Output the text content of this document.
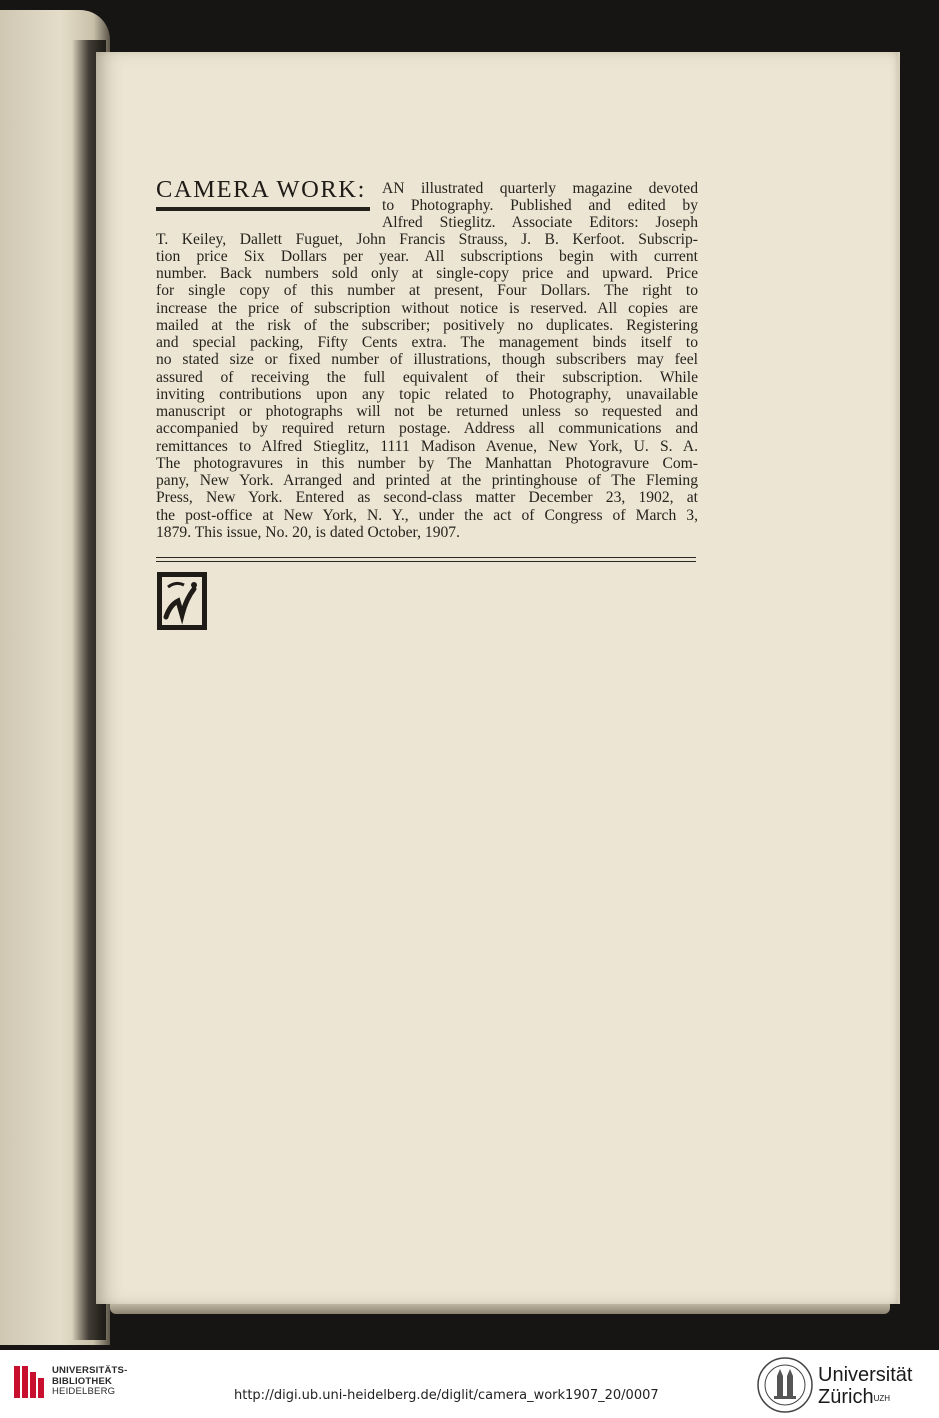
CAMERA WORK: AN illustrated quarterly magazine devoted
to Photography. Published and edited by
Alfred Stieglitz. Associate Editors: Joseph
T. Keiley, Dallett Fuguet, John Francis Strauss, J. B. Kerfoot. Subscrip-
tion price Six Dollars per year. All subscriptions begin with current
number. Back numbers sold only at single-copy price and upward. Price
for single copy of this number at present, Four Dollars. The right to
increase the price of subscription without notice is reserved. All copies are
mailed at the risk of the subscriber; positively no duplicates. Registering
and special packing, Fifty Cents extra. The management binds itself to
no stated size or fixed number of illustrations, though subscribers may feel
assured of receiving the full equivalent of their subscription. While
inviting contributions upon any topic related to Photography, unavailable
manuscript or photographs will not be returned unless so requested and
accompanied by required return postage. Address all communications and
remittances to Alfred Stieglitz, 1111 Madison Avenue, New York, U. S. A.
The photogravures in this number by The Manhattan Photogravure Com-
pany, New York. Arranged and printed at the printinghouse of The Fleming
Press, New York. Entered as second-class matter December 23, 1902, at
the post-office at New York, N. Y., under the act of Congress of March 3,
1879. This issue, No. 20, is dated October, 1907.
UNIVERSITÄTS-
BIBLIOTHEK
HEIDELBERG	http://digi.ub.uni-heidelberg.de/diglit/camera_work1907_20/0007
Universität
Zürich$^{UZH}$
